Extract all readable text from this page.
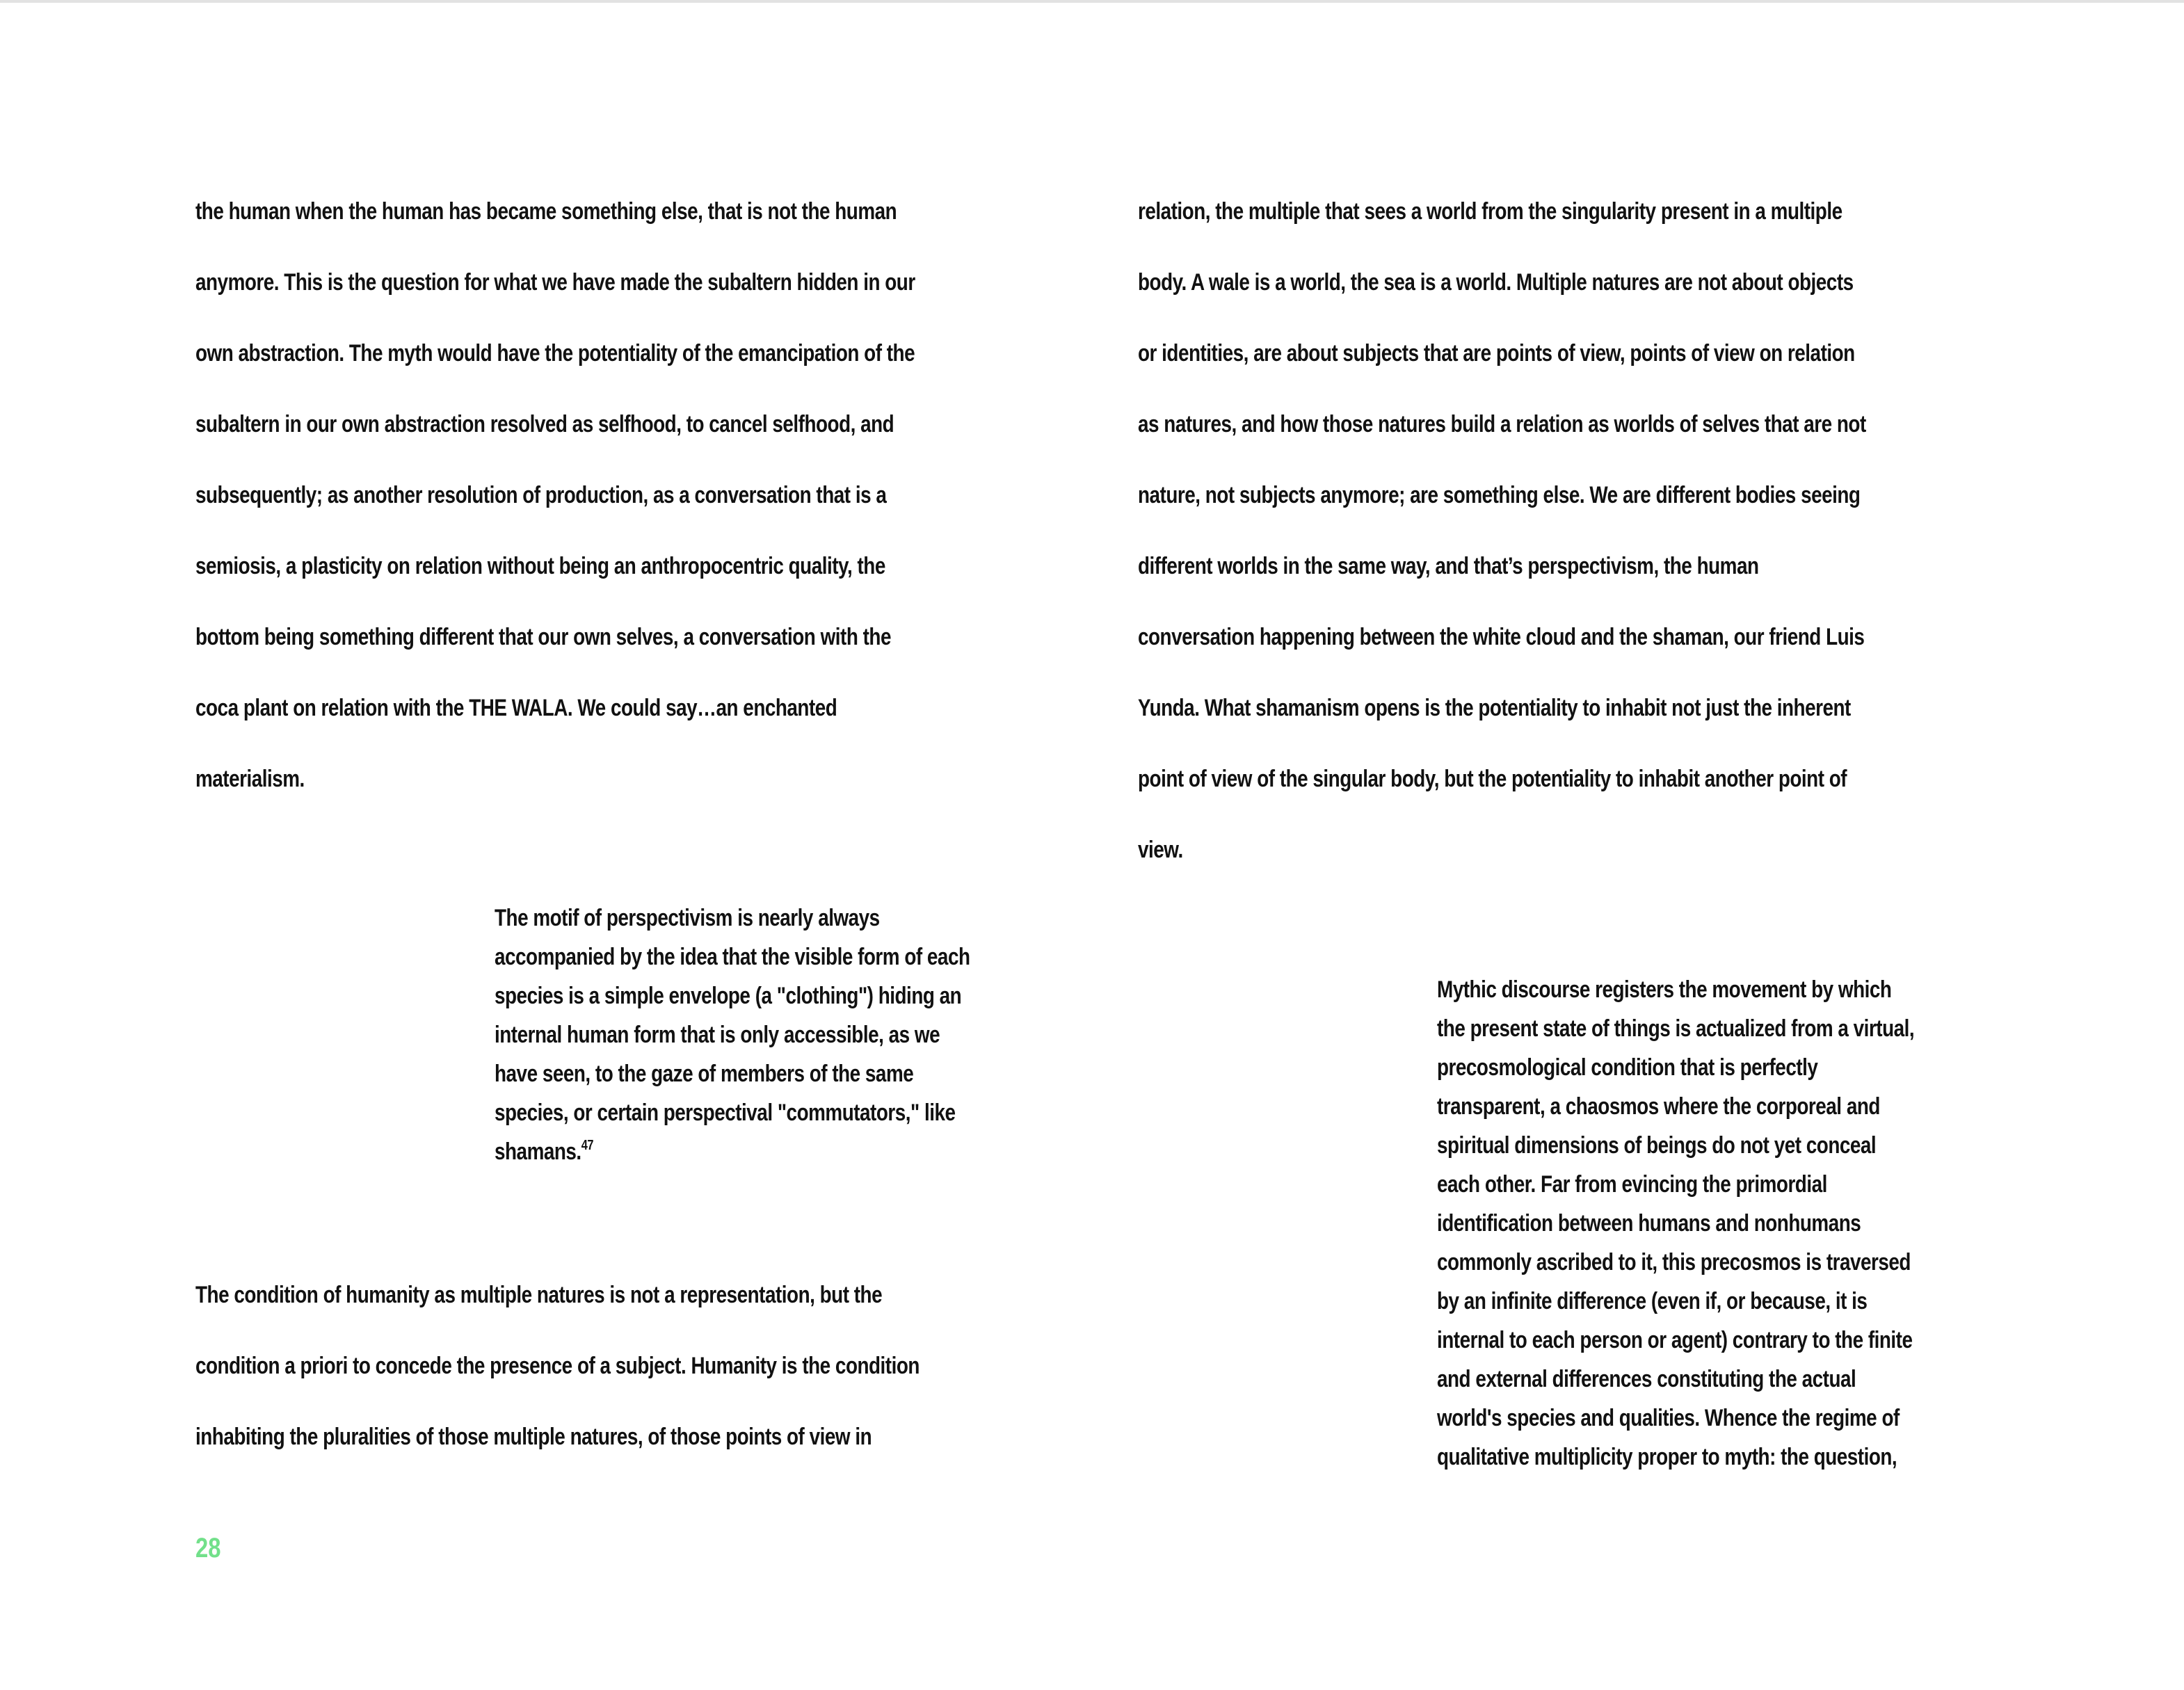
the human when the human has became something else, that is not the human
anymore. This is the question for what we have made the subaltern hidden in our
own abstraction. The myth would have the potentiality of the emancipation of the
subaltern in our own abstraction resolved as selfhood, to cancel selfhood, and
subsequently; as another resolution of production, as a conversation that is a
semiosis, a plasticity on relation without being an anthropocentric quality, the
bottom being something different that our own selves, a conversation with the
coca plant on relation with the THE WALA. We could say…an enchanted
materialism.
The motif of perspectivism is nearly always
accompanied by the idea that the visible form of each
species is a simple envelope (a "clothing") hiding an
internal human form that is only accessible, as we
have seen, to the gaze of members of the same
species, or certain perspectival "commutators," like
shamans.$^{47}$
The condition of humanity as multiple natures is not a representation, but the
condition a priori to concede the presence of a subject. Humanity is the condition
inhabiting the pluralities of those multiple natures, of those points of view in
relation, the multiple that sees a world from the singularity present in a multiple
body. A wale is a world, the sea is a world. Multiple natures are not about objects
or identities, are about subjects that are points of view, points of view on relation
as natures, and how those natures build a relation as worlds of selves that are not
nature, not subjects anymore; are something else. We are different bodies seeing
different worlds in the same way, and that’s perspectivism, the human
conversation happening between the white cloud and the shaman, our friend Luis
Yunda. What shamanism opens is the potentiality to inhabit not just the inherent
point of view of the singular body, but the potentiality to inhabit another point of
view.
Mythic discourse registers the movement by which
the present state of things is actualized from a virtual,
precosmological condition that is perfectly
transparent, a chaosmos where the corporeal and
spiritual dimensions of beings do not yet conceal
each other. Far from evincing the primordial
identification between humans and nonhumans
commonly ascribed to it, this precosmos is traversed
by an infinite difference (even if, or because, it is
internal to each person or agent) contrary to the finite
and external differences constituting the actual
world's species and qualities. Whence the regime of
qualitative multiplicity proper to myth: the question,
28
